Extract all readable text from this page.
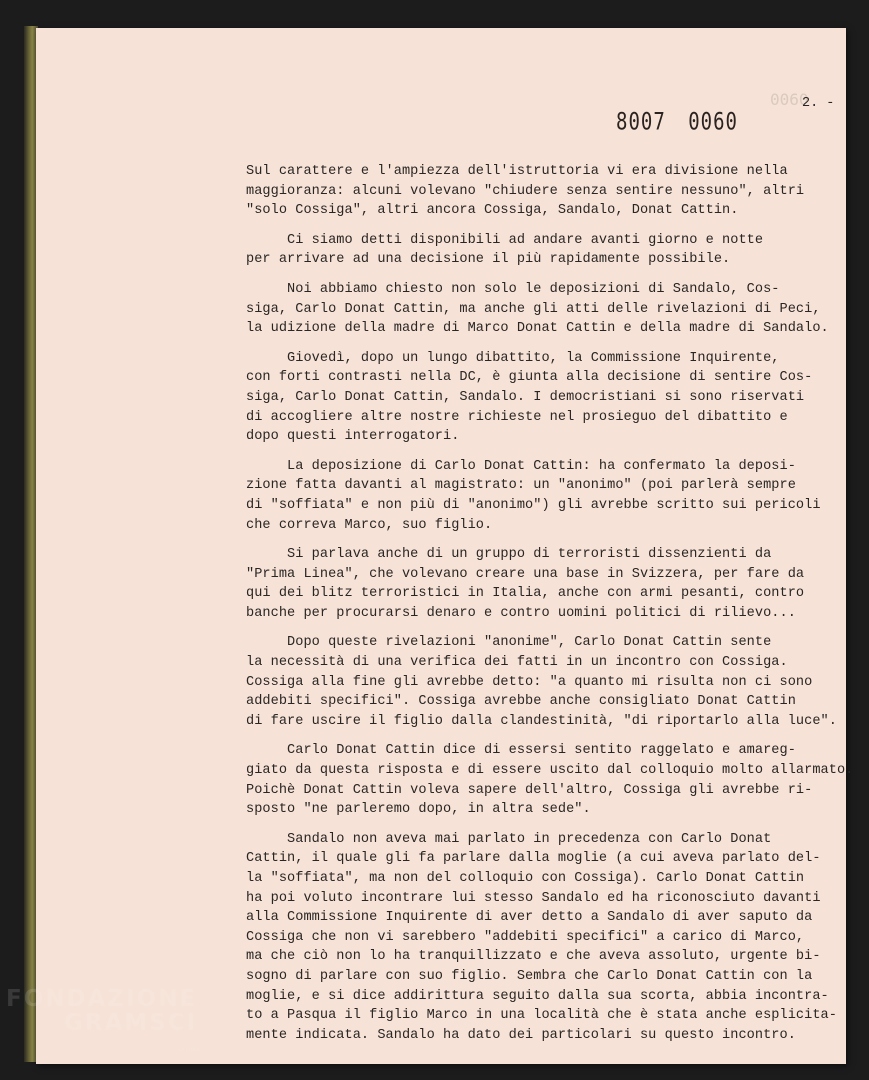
0060
8007 0060
2. -
Sul carattere e l'ampiezza dell'istruttoria vi era divisione nella
maggioranza: alcuni volevano "chiudere senza sentire nessuno", altri
"solo Cossiga", altri ancora Cossiga, Sandalo, Donat Cattin.
Ci siamo detti disponibili ad andare avanti giorno e notte
per arrivare ad una decisione il più rapidamente possibile.
Noi abbiamo chiesto non solo le deposizioni di Sandalo, Cos-
siga, Carlo Donat Cattin, ma anche gli atti delle rivelazioni di Peci,
la udizione della madre di Marco Donat Cattin e della madre di Sandalo.
Giovedì, dopo un lungo dibattito, la Commissione Inquirente,
con forti contrasti nella DC, è giunta alla decisione di sentire Cos-
siga, Carlo Donat Cattin, Sandalo. I democristiani si sono riservati
di accogliere altre nostre richieste nel prosieguo del dibattito e
dopo questi interrogatori.
La deposizione di Carlo Donat Cattin: ha confermato la deposi-
zione fatta davanti al magistrato: un "anonimo" (poi parlerà sempre
di "soffiata" e non più di "anonimo") gli avrebbe scritto sui pericoli
che correva Marco, suo figlio.
Si parlava anche di un gruppo di terroristi dissenzienti da
"Prima Linea", che volevano creare una base in Svizzera, per fare da
qui dei blitz terroristici in Italia, anche con armi pesanti, contro
banche per procurarsi denaro e contro uomini politici di rilievo...
Dopo queste rivelazioni "anonime", Carlo Donat Cattin sente
la necessità di una verifica dei fatti in un incontro con Cossiga.
Cossiga alla fine gli avrebbe detto: "a quanto mi risulta non ci sono
addebiti specifici". Cossiga avrebbe anche consigliato Donat Cattin
di fare uscire il figlio dalla clandestinità, "di riportarlo alla luce".
Carlo Donat Cattin dice di essersi sentito raggelato e amareg-
giato da questa risposta e di essere uscito dal colloquio molto allarmato.
Poichè Donat Cattin voleva sapere dell'altro, Cossiga gli avrebbe ri-
sposto "ne parleremo dopo, in altra sede".
Sandalo non aveva mai parlato in precedenza con Carlo Donat
Cattin, il quale gli fa parlare dalla moglie (a cui aveva parlato del-
la "soffiata", ma non del colloquio con Cossiga). Carlo Donat Cattin
ha poi voluto incontrare lui stesso Sandalo ed ha riconosciuto davanti
alla Commissione Inquirente di aver detto a Sandalo di aver saputo da
Cossiga che non vi sarebbero "addebiti specifici" a carico di Marco,
ma che ciò non lo ha tranquillizzato e che aveva assoluto, urgente bi-
sogno di parlare con suo figlio. Sembra che Carlo Donat Cattin con la
moglie, e si dice addirittura seguito dalla sua scorta, abbia incontra-
to a Pasqua il figlio Marco in una località che è stata anche esplicita-
mente indicata. Sandalo ha dato dei particolari su questo incontro.
FONDAZIONE
GRAMSCI
onlus
